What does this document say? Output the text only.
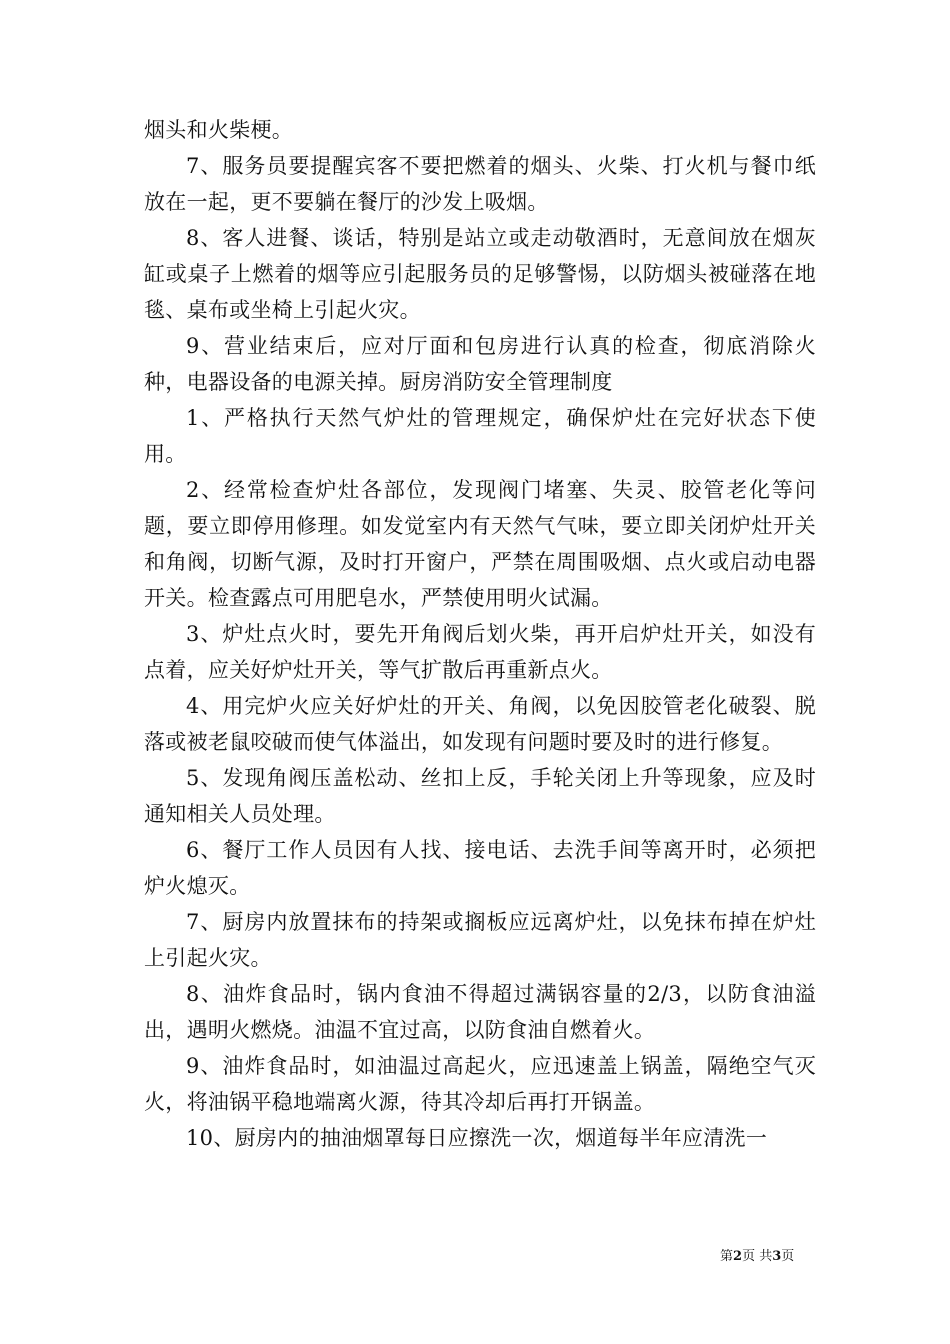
烟头和火柴梗。

7、服务员要提醒宾客不要把燃着的烟头、火柴、打火机与餐巾纸放在一起，更不要躺在餐厅的沙发上吸烟。

8、客人进餐、谈话，特别是站立或走动敬酒时，无意间放在烟灰缸或桌子上燃着的烟等应引起服务员的足够警惕，以防烟头被碰落在地毯、桌布或坐椅上引起火灾。

9、营业结束后，应对厅面和包房进行认真的检查，彻底消除火种，电器设备的电源关掉。厨房消防安全管理制度

1、严格执行天然气炉灶的管理规定，确保炉灶在完好状态下使用。

2、经常检查炉灶各部位，发现阀门堵塞、失灵、胶管老化等问题，要立即停用修理。如发觉室内有天然气气味，要立即关闭炉灶开关和角阀，切断气源，及时打开窗户，严禁在周围吸烟、点火或启动电器开关。检查露点可用肥皂水，严禁使用明火试漏。

3、炉灶点火时，要先开角阀后划火柴，再开启炉灶开关，如没有点着，应关好炉灶开关，等气扩散后再重新点火。

4、用完炉火应关好炉灶的开关、角阀，以免因胶管老化破裂、脱落或被老鼠咬破而使气体溢出，如发现有问题时要及时的进行修复。

5、发现角阀压盖松动、丝扣上反，手轮关闭上升等现象，应及时通知相关人员处理。

6、餐厅工作人员因有人找、接电话、去洗手间等离开时，必须把炉火熄灭。

7、厨房内放置抹布的持架或搁板应远离炉灶，以免抹布掉在炉灶上引起火灾。

8、油炸食品时，锅内食油不得超过满锅容量的2/3，以防食油溢出，遇明火燃烧。油温不宜过高，以防食油自燃着火。

9、油炸食品时，如油温过高起火，应迅速盖上锅盖，隔绝空气灭火，将油锅平稳地端离火源，待其冷却后再打开锅盖。

10、厨房内的抽油烟罩每日应擦洗一次，烟道每半年应清洗一

第2页 共3页
